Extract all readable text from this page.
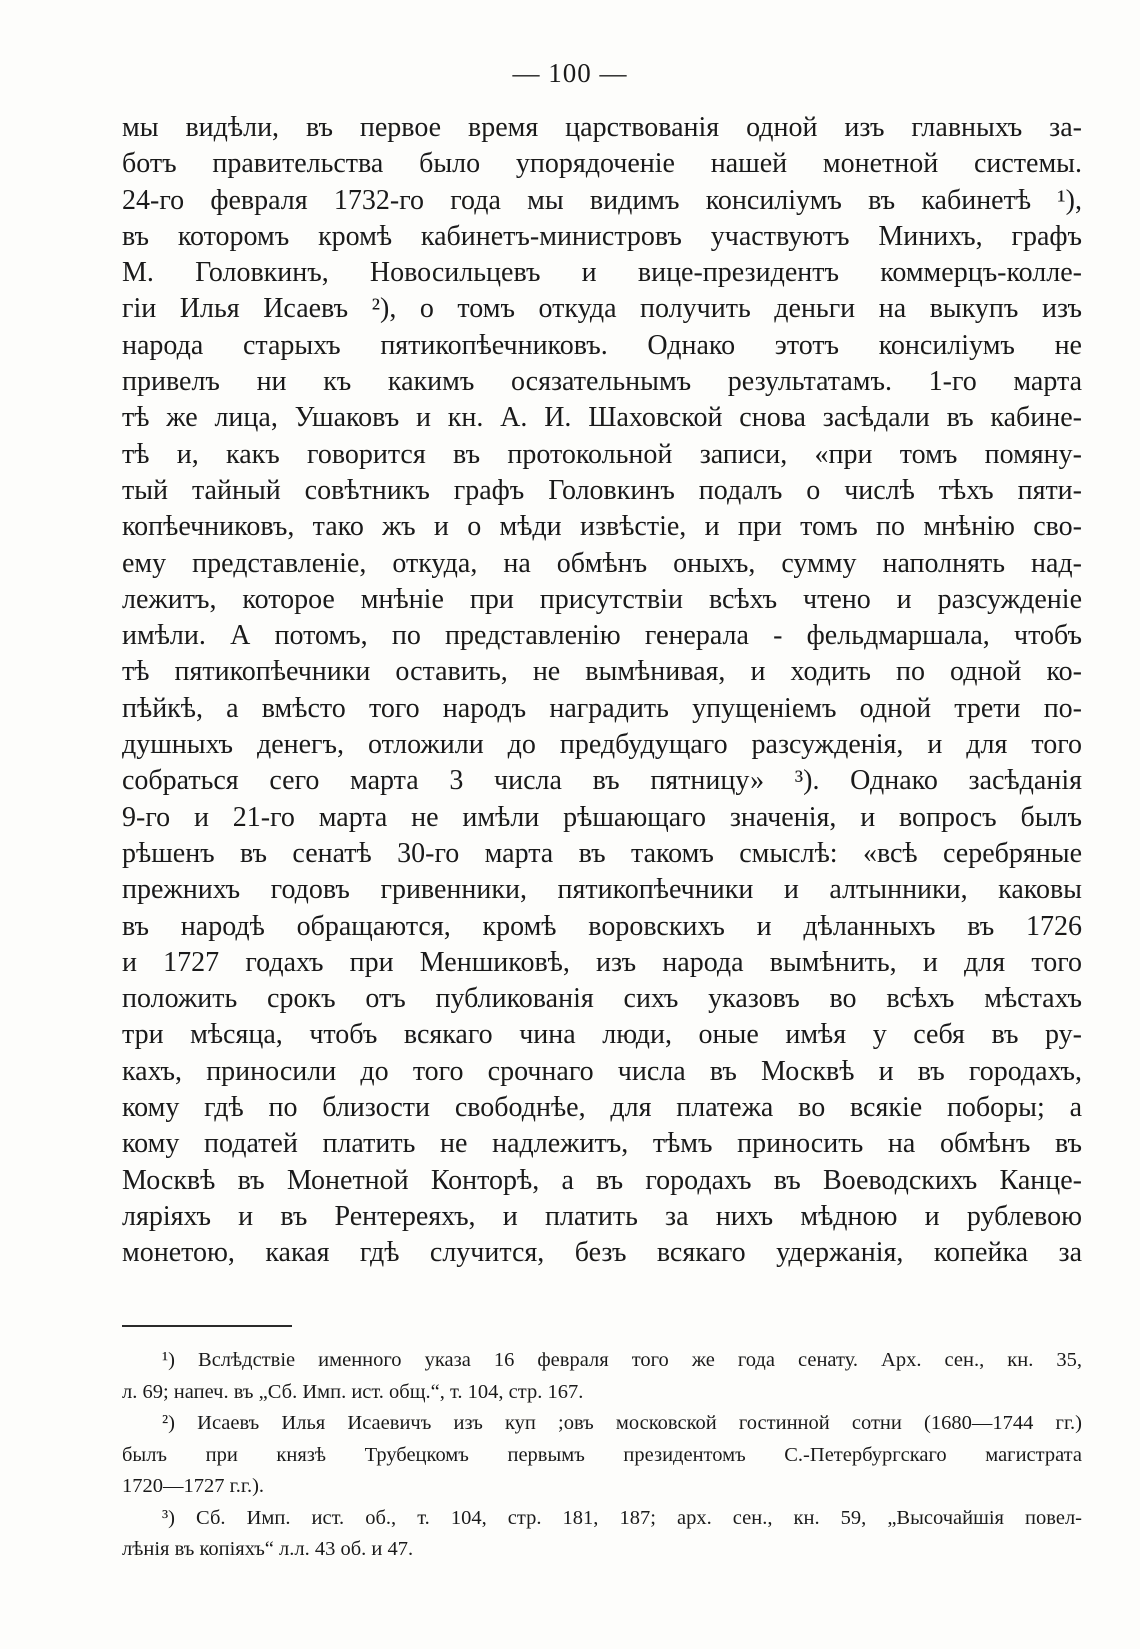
— 100 —
мы видѣли, въ первое время царствованія одной изъ главныхъ за-
ботъ правительства было упорядоченіе нашей монетной системы.
24-го февраля 1732-го года мы видимъ консиліумъ въ кабинетѣ ¹),
въ которомъ кромѣ кабинетъ-министровъ участвуютъ Минихъ, графъ
М. Головкинъ, Новосильцевъ и вице-президентъ коммерцъ-колле-
гіи Илья Исаевъ ²), о томъ откуда получить деньги на выкупъ изъ
народа старыхъ пятикопѣечниковъ. Однако этотъ консиліумъ не
привелъ ни къ какимъ осязательнымъ результатамъ. 1-го марта
тѣ же лица, Ушаковъ и кн. А. И. Шаховской снова засѣдали въ кабине-
тѣ и, какъ говорится въ протокольной записи, «при томъ помяну-
тый тайный совѣтникъ графъ Головкинъ подалъ о числѣ тѣхъ пяти-
копѣечниковъ, тако жъ и о мѣди извѣстіе, и при томъ по мнѣнію сво-
ему представленіе, откуда, на обмѣнъ оныхъ, сумму наполнять над-
лежитъ, которое мнѣніе при присутствіи всѣхъ чтено и разсужденіе
имѣли. А потомъ, по представленію генерала - фельдмаршала, чтобъ
тѣ пятикопѣечники оставить, не вымѣнивая, и ходить по одной ко-
пѣйкѣ, а вмѣсто того народъ наградить упущеніемъ одной трети по-
душныхъ денегъ, отложили до предбудущаго разсужденія, и для того
собраться сего марта 3 числа въ пятницу» ³). Однако засѣданія
9-го и 21-го марта не имѣли рѣшающаго значенія, и вопросъ былъ
рѣшенъ въ сенатѣ 30-го марта въ такомъ смыслѣ: «всѣ серебряные
прежнихъ годовъ гривенники, пятикопѣечники и алтынники, каковы
въ народѣ обращаются, кромѣ воровскихъ и дѣланныхъ въ 1726
и 1727 годахъ при Меншиковѣ, изъ народа вымѣнить, и для того
положить срокъ отъ публикованія сихъ указовъ во всѣхъ мѣстахъ
три мѣсяца, чтобъ всякаго чина люди, оные имѣя у себя въ ру-
кахъ, приносили до того срочнаго числа въ Москвѣ и въ городахъ,
кому гдѣ по близости свободнѣе, для платежа во всякіе поборы; а
кому податей платить не надлежитъ, тѣмъ приносить на обмѣнъ въ
Москвѣ въ Монетной Конторѣ, а въ городахъ въ Воеводскихъ Канце-
ляріяхъ и въ Рентереяхъ, и платить за нихъ мѣдною и рублевою
монетою, какая гдѣ случится, безъ всякаго удержанія, копейка за
¹) Вслѣдствіе именного указа 16 февраля того же года сенату. Арх. сен., кн. 35,
л. 69; напеч. въ „Сб. Имп. ист. общ.“, т. 104, стр. 167.
²) Исаевъ Илья Исаевичъ изъ куп ;овъ московской гостинной сотни (1680—1744 гг.)
былъ при князѣ Трубецкомъ первымъ президентомъ С.-Петербургскаго магистрата
1720—1727 г.г.).
³) Сб. Имп. ист. об., т. 104, стр. 181, 187; арх. сен., кн. 59, „Высочайшія повел-
лѣнія въ копіяхъ“ л.л. 43 об. и 47.
